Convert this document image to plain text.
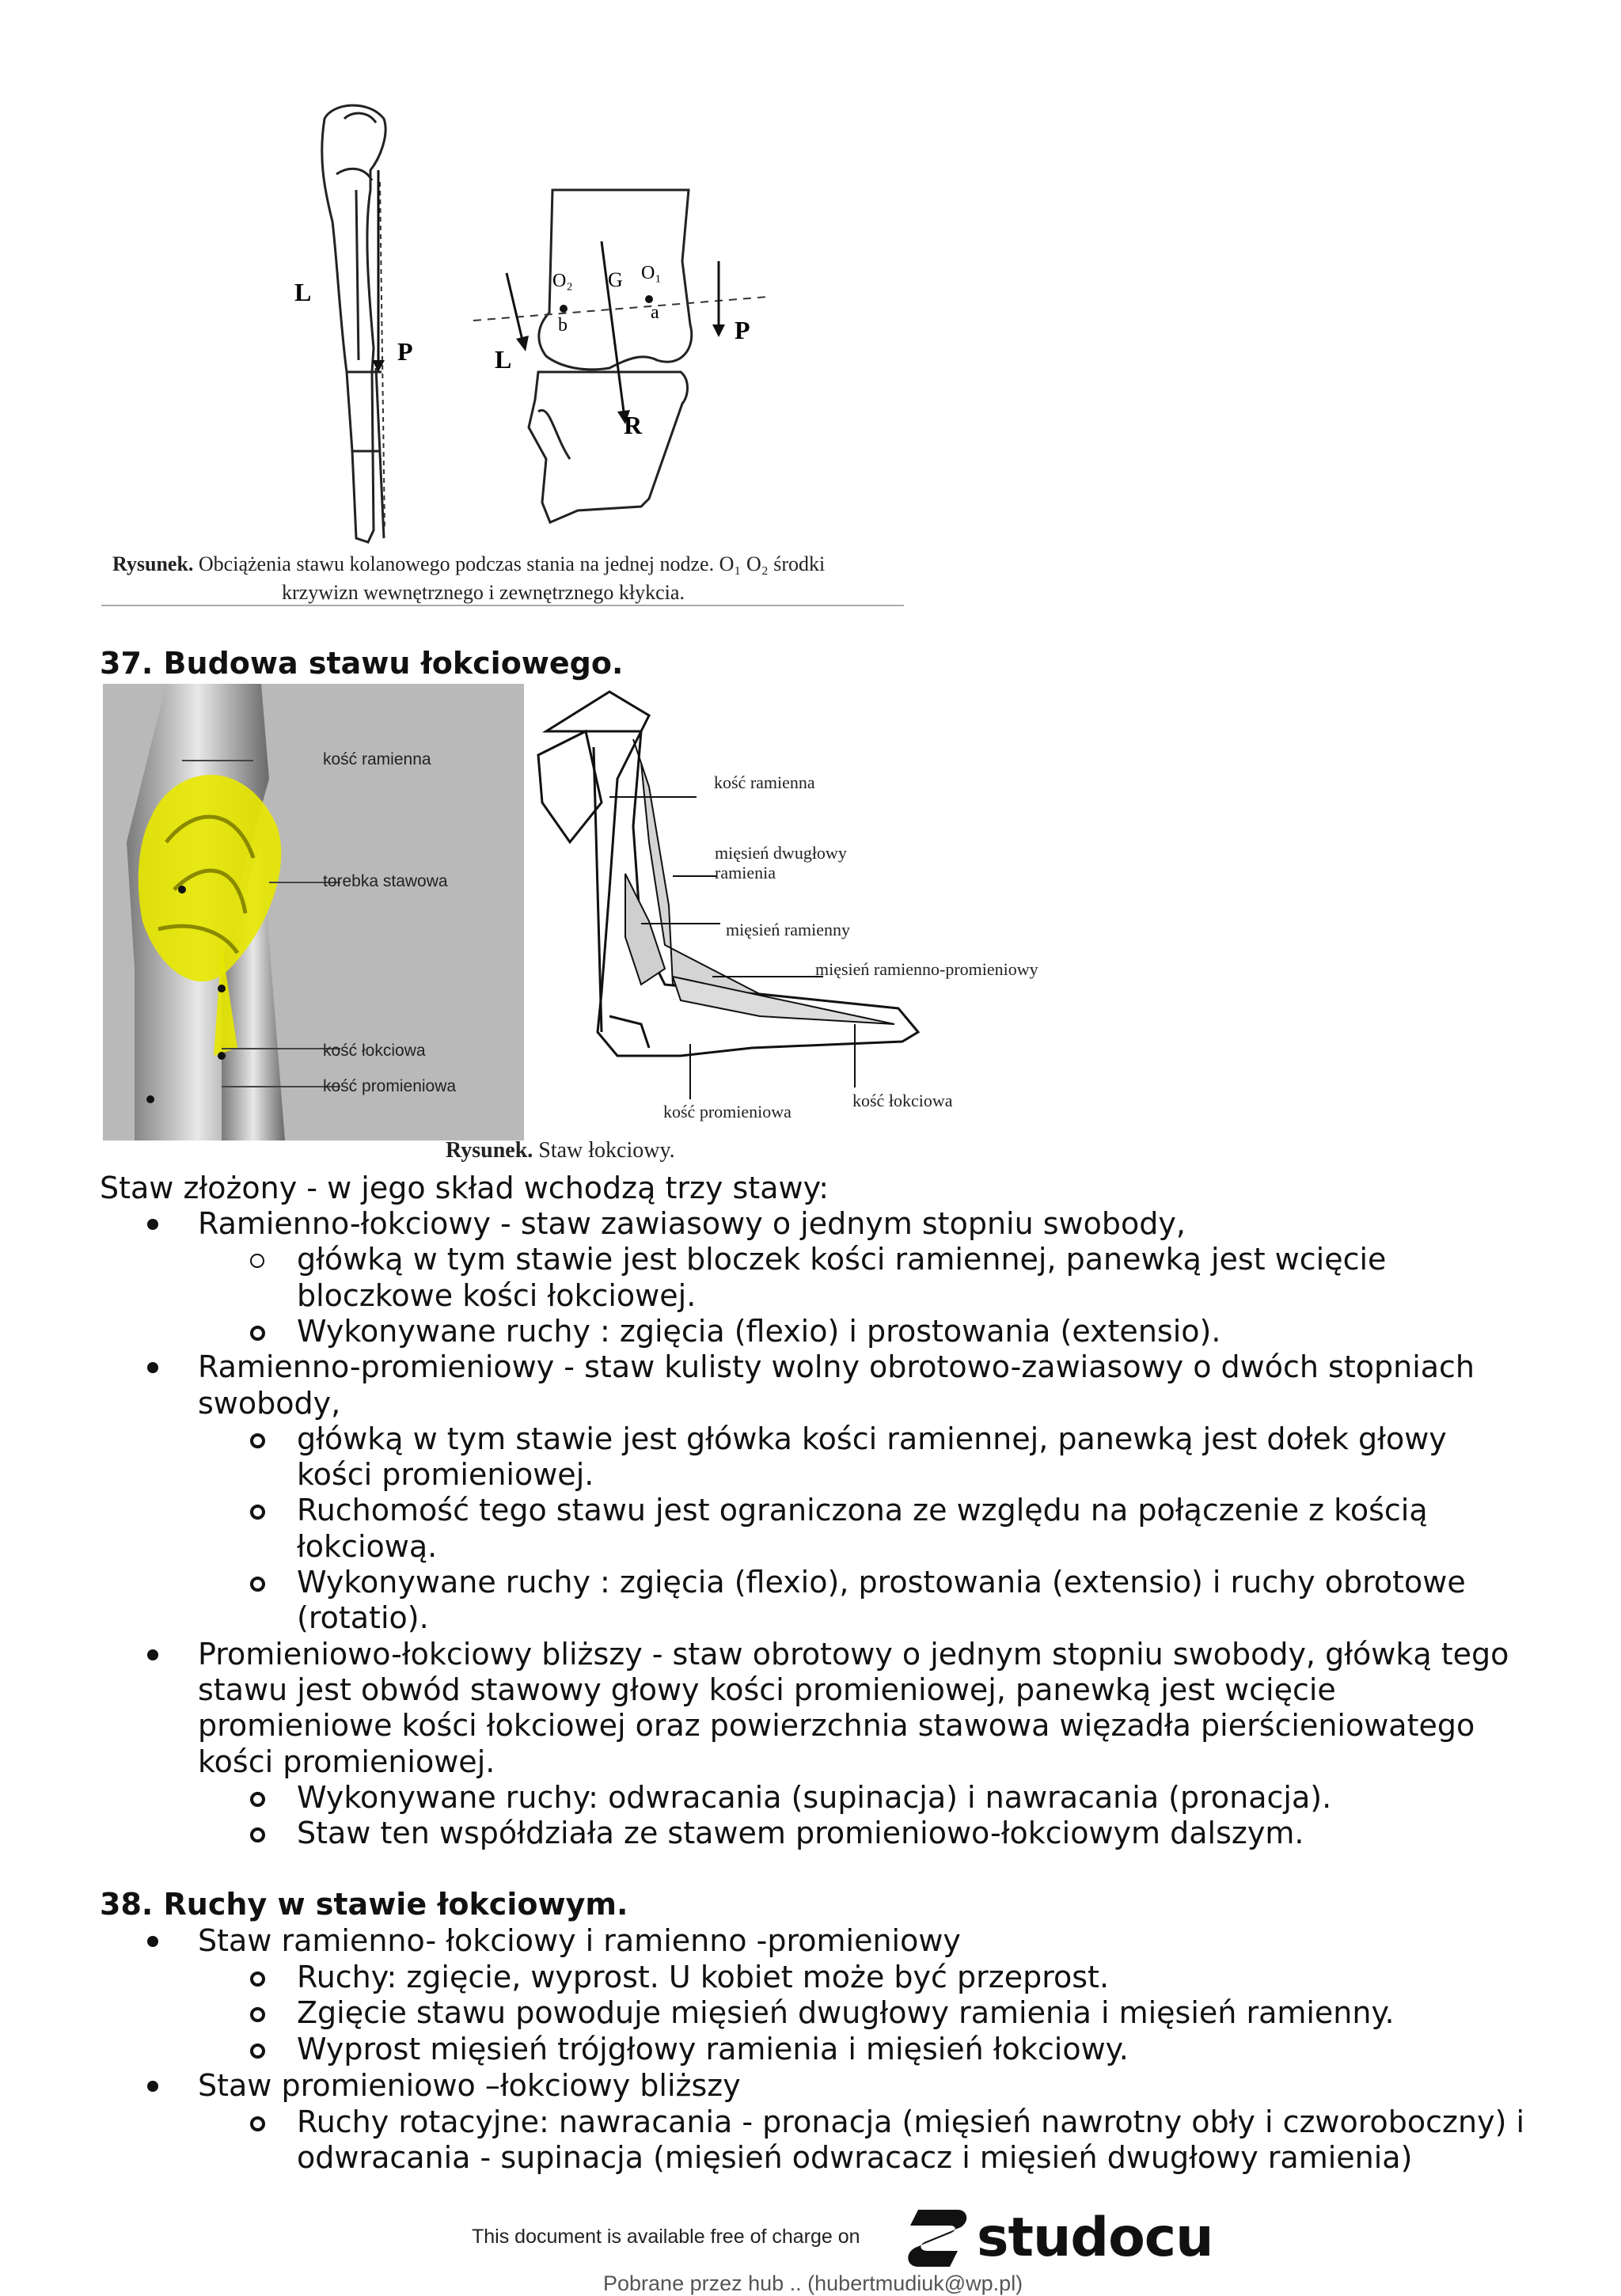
L
P
O₂ G O₁
b
a
L
P
R
Rysunek. Obciążenia stawu kolanowego podczas stania na jednej nodze. O₁ O₂ środki
krzywizn wewnętrznego i zewnętrznego kłykcia.
37. Budowa stawu łokciowego.
kość ramienna
torebka stawowa
kość łokciowa
kość promieniowa
kość ramienna
mięsień dwugłowy
ramienia
mięsień ramienny
mięsień ramienno-promieniowy
kość promieniowa
kość łokciowa
Rysunek. Staw łokciowy.
Staw złożony - w jego skład wchodzą trzy stawy:
Ramienno-łokciowy - staw zawiasowy o jednym stopniu swobody,
główką w tym stawie jest bloczek kości ramiennej, panewką jest wcięcie
bloczkowe kości łokciowej.
Wykonywane ruchy : zgięcia (flexio) i prostowania (extensio).
Ramienno-promieniowy - staw kulisty wolny obrotowo-zawiasowy o dwóch stopniach
swobody,
główką w tym stawie jest główka kości ramiennej, panewką jest dołek głowy
kości promieniowej.
Ruchomość tego stawu jest ograniczona ze względu na połączenie z kością
łokciową.
Wykonywane ruchy : zgięcia (flexio), prostowania (extensio) i ruchy obrotowe
(rotatio).
Promieniowo-łokciowy bliższy - staw obrotowy o jednym stopniu swobody, główką tego
stawu jest obwód stawowy głowy kości promieniowej, panewką jest wcięcie
promieniowe kości łokciowej oraz powierzchnia stawowa więzadła pierścieniowatego
kości promieniowej.
Wykonywane ruchy: odwracania (supinacja) i nawracania (pronacja).
Staw ten współdziała ze stawem promieniowo-łokciowym dalszym.
38. Ruchy w stawie łokciowym.
Staw ramienno- łokciowy i ramienno -promieniowy
Ruchy: zgięcie, wyprost. U kobiet może być przeprost.
Zgięcie stawu powoduje mięsień dwugłowy ramienia i mięsień ramienny.
Wyprost mięsień trójgłowy ramienia i mięsień łokciowy.
Staw promieniowo –łokciowy bliższy
Ruchy rotacyjne: nawracania - pronacja (mięsień nawrotny obły i czworoboczny) i
odwracania - supinacja (mięsień odwracacz i mięsień dwugłowy ramienia)
This document is available free of charge on studocu
Pobrane przez hub .. (hubertmudiuk@wp.pl)
